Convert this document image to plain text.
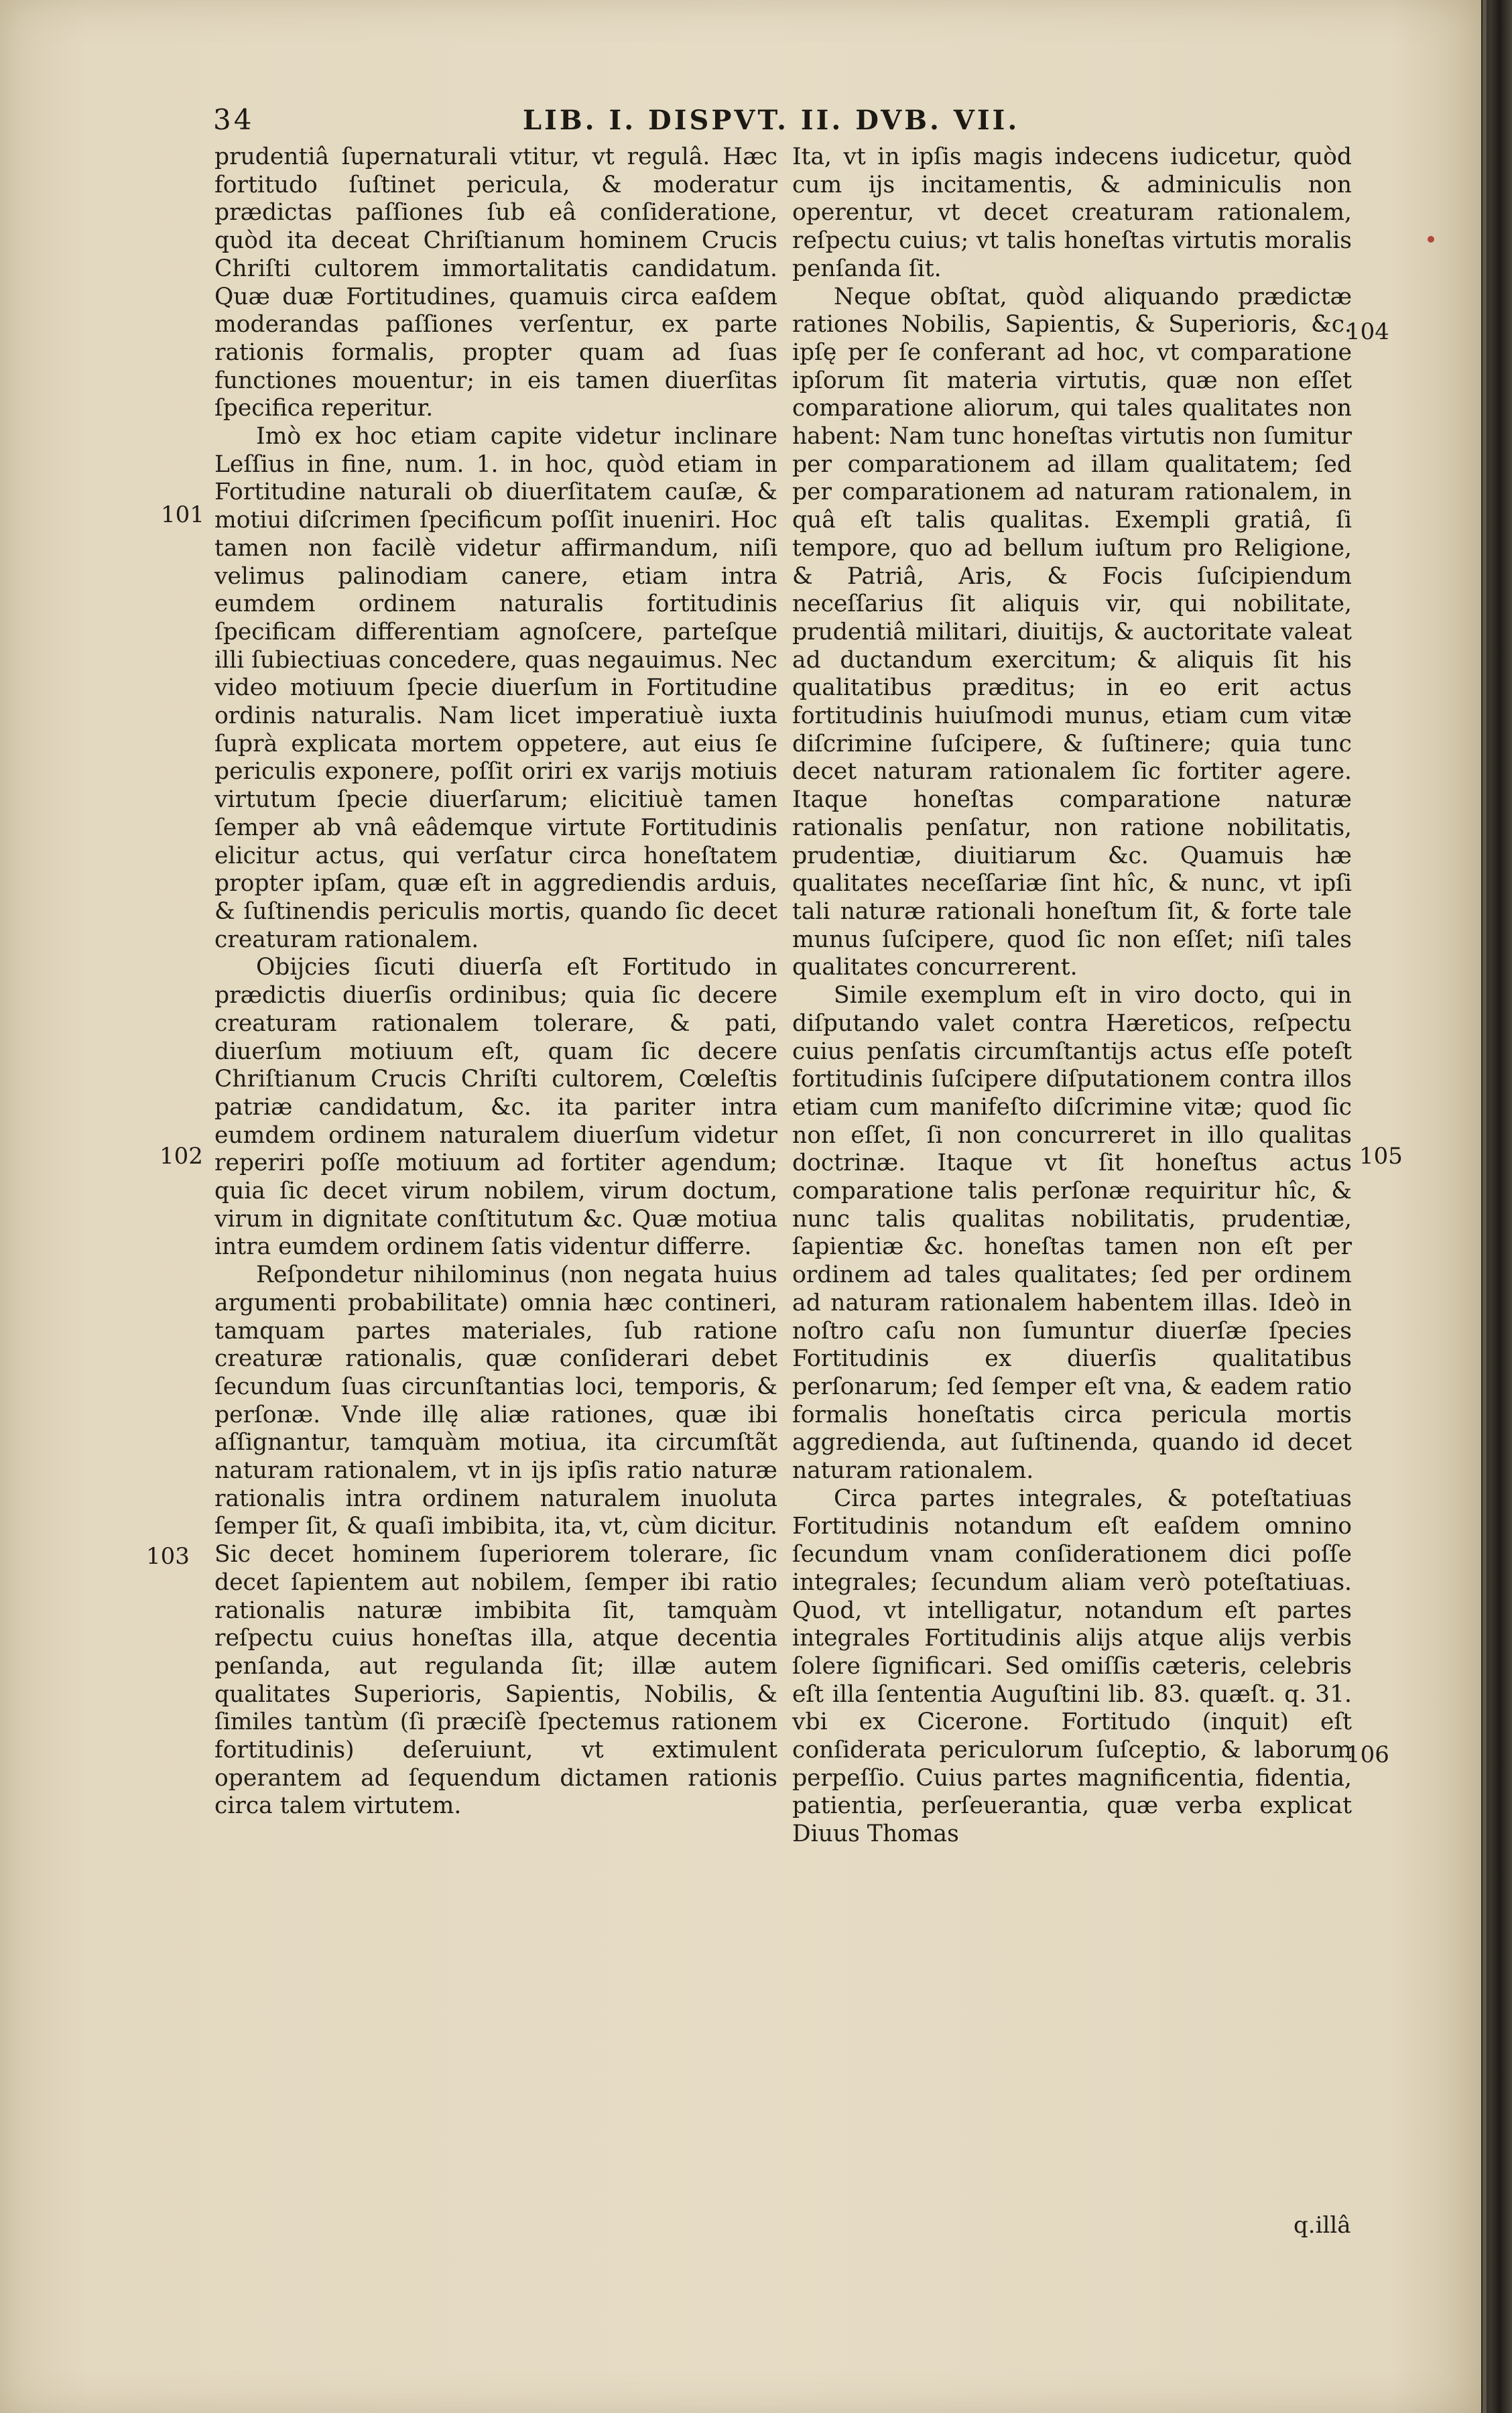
34	LIB. I. DISPVT. II. DVB. VII.

prudentiâ ſupernaturali vtitur, vt regulâ. Hæc fortitudo ſuſtinet pericula, & moderatur prædictas paſſiones ſub eâ conſideratione, quòd ita deceat Chriſtianum hominem Crucis Chriſti cultorem immortalitatis candidatum. Quæ duæ Fortitudines, quamuis circa eaſdem moderandas paſſiones verſentur, ex parte rationis formalis, propter quam ad ſuas functiones mouentur; in eis tamen diuerſitas ſpecifica reperitur.

Imò ex hoc etiam capite videtur inclinare Leſſius in fine, num. 1. in hoc, quòd etiam in Fortitudine naturali ob diuerſitatem cauſæ, & motiui diſcrimen ſpecificum poſſit inueniri. Hoc tamen non facilè videtur affirmandum, niſi velimus palinodiam canere, etiam intra eumdem ordinem naturalis fortitudinis ſpecificam differentiam agnoſcere, parteſque illi ſubiectiuas concedere, quas negauimus. Nec video motiuum ſpecie diuerſum in Fortitudine ordinis naturalis. Nam licet imperatiuè iuxta ſuprà explicata mortem oppetere, aut eius ſe periculis exponere, poſſit oriri ex varijs motiuis virtutum ſpecie diuerſarum; elicitiuè tamen ſemper ab vnâ eâdemque virtute Fortitudinis elicitur actus, qui verſatur circa honeſtatem propter ipſam, quæ eſt in aggrediendis arduis, & ſuſtinendis periculis mortis, quando ſic decet creaturam rationalem.

Obijcies ſicuti diuerſa eſt Fortitudo in prædictis diuerſis ordinibus; quia ſic decere creaturam rationalem tolerare, & pati, diuerſum motiuum eſt, quam ſic decere Chriſtianum Crucis Chriſti cultorem, Cœleſtis patriæ candidatum, &c. ita pariter intra eumdem ordinem naturalem diuerſum videtur reperiri poſſe motiuum ad fortiter agendum; quia ſic decet virum nobilem, virum doctum, virum in dignitate conſtitutum &c. Quæ motiua intra eumdem ordinem ſatis videntur differre.

Reſpondetur nihilominus (non negata huius argumenti probabilitate) omnia hæc contineri, tamquam partes materiales, ſub ratione creaturæ rationalis, quæ conſiderari debet ſecundum ſuas circunſtantias loci, temporis, & perſonæ. Vnde illę aliæ rationes, quæ ibi aſſignantur, tamquàm motiua, ita circumſtãt naturam rationalem, vt in ijs ipſis ratio naturæ rationalis intra ordinem naturalem inuoluta ſemper ſit, & quaſi imbibita, ita, vt, cùm dicitur. Sic decet hominem ſuperiorem tolerare, ſic decet ſapientem aut nobilem, ſemper ibi ratio rationalis naturæ imbibita ſit, tamquàm reſpectu cuius honeſtas illa, atque decentia penſanda, aut regulanda ſit; illæ autem qualitates Superioris, Sapientis, Nobilis, & ſimiles tantùm (ſi præciſè ſpectemus rationem fortitudinis) deſeruiunt, vt extimulent operantem ad ſequendum dictamen rationis circa talem virtutem.

Ita, vt in ipſis magis indecens iudicetur, quòd cum ijs incitamentis, & adminiculis non operentur, vt decet creaturam rationalem, reſpectu cuius; vt talis honeſtas virtutis moralis penſanda ſit.

Neque obſtat, quòd aliquando prædictæ rationes Nobilis, Sapientis, & Superioris, &c. ipſę per ſe conferant ad hoc, vt comparatione ipſorum ſit materia virtutis, quæ non eſſet comparatione aliorum, qui tales qualitates non habent: Nam tunc honeſtas virtutis non ſumitur per comparationem ad illam qualitatem; ſed per comparationem ad naturam rationalem, in quâ eſt talis qualitas. Exempli gratiâ, ſi tempore, quo ad bellum iuſtum pro Religione, & Patriâ, Aris, & Focis ſuſcipiendum neceſſarius ſit aliquis vir, qui nobilitate, prudentiâ militari, diuitijs, & auctoritate valeat ad ductandum exercitum; & aliquis ſit his qualitatibus præditus; in eo erit actus fortitudinis huiuſmodi munus, etiam cum vitæ diſcrimine ſuſcipere, & ſuſtinere; quia tunc decet naturam rationalem ſic fortiter agere. Itaque honeſtas comparatione naturæ rationalis penſatur, non ratione nobilitatis, prudentiæ, diuitiarum &c. Quamuis hæ qualitates neceſſariæ ſint hîc, & nunc, vt ipſi tali naturæ rationali honeſtum ſit, & forte tale munus ſuſcipere, quod ſic non eſſet; niſi tales qualitates concurrerent.

Simile exemplum eſt in viro docto, qui in diſputando valet contra Hæreticos, reſpectu cuius penſatis circumſtantijs actus eſſe poteſt fortitudinis ſuſcipere diſputationem contra illos etiam cum manifeſto diſcrimine vitæ; quod ſic non eſſet, ſi non concurreret in illo qualitas doctrinæ. Itaque vt ſit honeſtus actus comparatione talis perſonæ requiritur hîc, & nunc talis qualitas nobilitatis, prudentiæ, ſapientiæ &c. honeſtas tamen non eſt per ordinem ad tales qualitates; ſed per ordinem ad naturam rationalem habentem illas. Ideò in noſtro caſu non ſumuntur diuerſæ ſpecies Fortitudinis ex diuerſis qualitatibus perſonarum; ſed ſemper eſt vna, & eadem ratio formalis honeſtatis circa pericula mortis aggredienda, aut ſuſtinenda, quando id decet naturam rationalem.

Circa partes integrales, & poteſtatiuas Fortitudinis notandum eſt eaſdem omnino ſecundum vnam conſiderationem dici poſſe integrales; ſecundum aliam verò poteſtatiuas. Quod, vt intelligatur, notandum eſt partes integrales Fortitudinis alijs atque alijs verbis ſolere ſignificari. Sed omiſſis cæteris, celebris eſt illa ſententia Auguſtini lib. 83. quæſt. q. 31. vbi ex Cicerone. Fortitudo (inquit) eſt conſiderata periculorum ſuſceptio, & laborum perpeſſio. Cuius partes magnificentia, fidentia, patientia, perſeuerantia, quæ verba explicat Diuus Thomas

101
102
103
104
105
106
q.illâ
